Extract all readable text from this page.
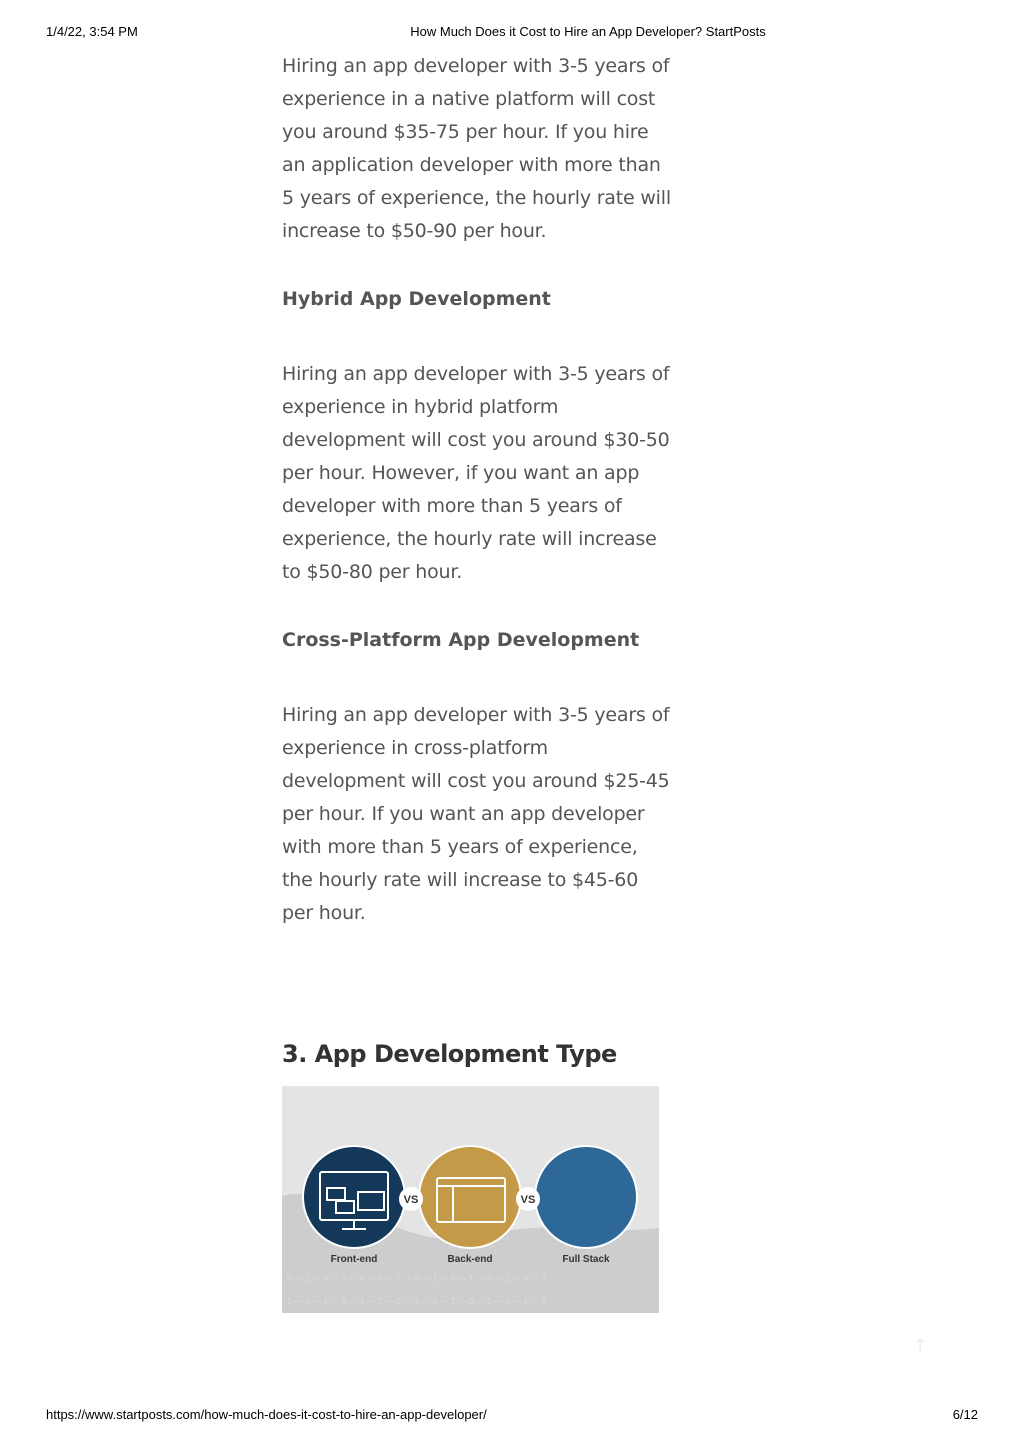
1/4/22, 3:54 PM	How Much Does it Cost to Hire an App Developer? StartPosts

Hiring an app developer with 3-5 years of experience in a native platform will cost you around $35-75 per hour. If you hire an application developer with more than 5 years of experience, the hourly rate will increase to $50-90 per hour.

Hybrid App Development

Hiring an app developer with 3-5 years of experience in hybrid platform development will cost you around $30-50 per hour. However, if you want an app developer with more than 5 years of experience, the hourly rate will increase to $50-80 per hour.

Cross-Platform App Development

Hiring an app developer with 3-5 years of experience in cross-platform development will cost you around $25-45 per hour. If you want an app developer with more than 5 years of experience, the hourly rate will increase to $45-60 per hour.

3. App Development Type
0 — 1 — 0 — 1 — 0 — 0 — 1 — 0 — 1 — 0 — 1 — 0 — 1 — 0 — 1
1 — 0 — 1 — 0 — 1 — 1 — 0 — 1 — 0 — 1 — 0 — 1 — 0 — 1 — 0
VS	VS
Front-end	Back-end	Full Stack
↑
https://www.startposts.com/how-much-does-it-cost-to-hire-an-app-developer/	6/12
